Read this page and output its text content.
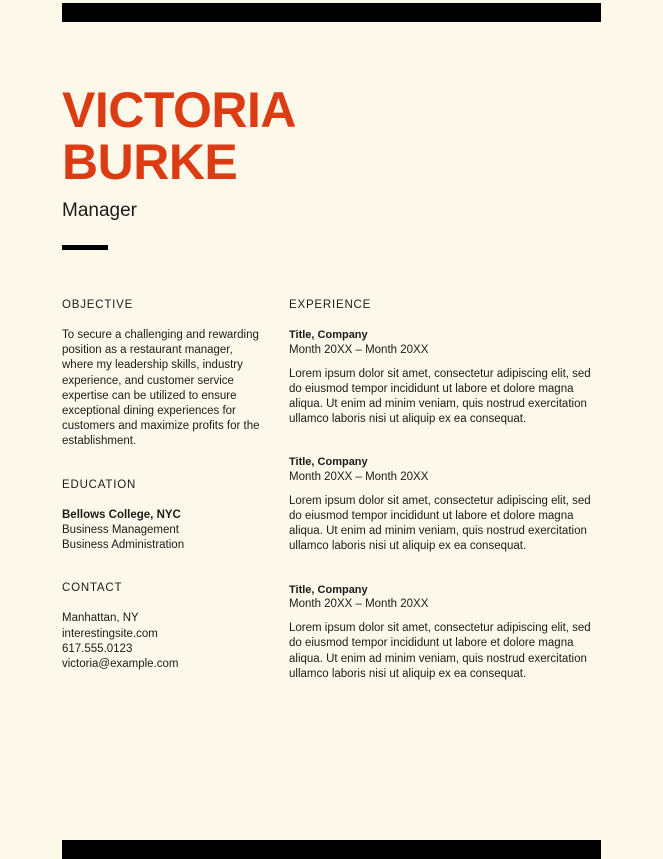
VICTORIA
BURKE
Manager
OBJECTIVE

To secure a challenging and rewarding position as a restaurant manager, where my leadership skills, industry experience, and customer service expertise can be utilized to ensure exceptional dining experiences for customers and maximize profits for the establishment.

EDUCATION

Bellows College, NYC

Business Management

Business Administration

CONTACT

Manhattan, NY

interestingsite.com

617.555.0123

victoria@example.com

EXPERIENCE

Title, Company

Month 20XX – Month 20XX

Lorem ipsum dolor sit amet, consectetur adipiscing elit, sed do eiusmod tempor incididunt ut labore et dolore magna aliqua. Ut enim ad minim veniam, quis nostrud exercitation ullamco laboris nisi ut aliquip ex ea consequat.

Title, Company

Month 20XX – Month 20XX

Lorem ipsum dolor sit amet, consectetur adipiscing elit, sed do eiusmod tempor incididunt ut labore et dolore magna aliqua. Ut enim ad minim veniam, quis nostrud exercitation ullamco laboris nisi ut aliquip ex ea consequat.

Title, Company

Month 20XX – Month 20XX

Lorem ipsum dolor sit amet, consectetur adipiscing elit, sed do eiusmod tempor incididunt ut labore et dolore magna aliqua. Ut enim ad minim veniam, quis nostrud exercitation ullamco laboris nisi ut aliquip ex ea consequat.
